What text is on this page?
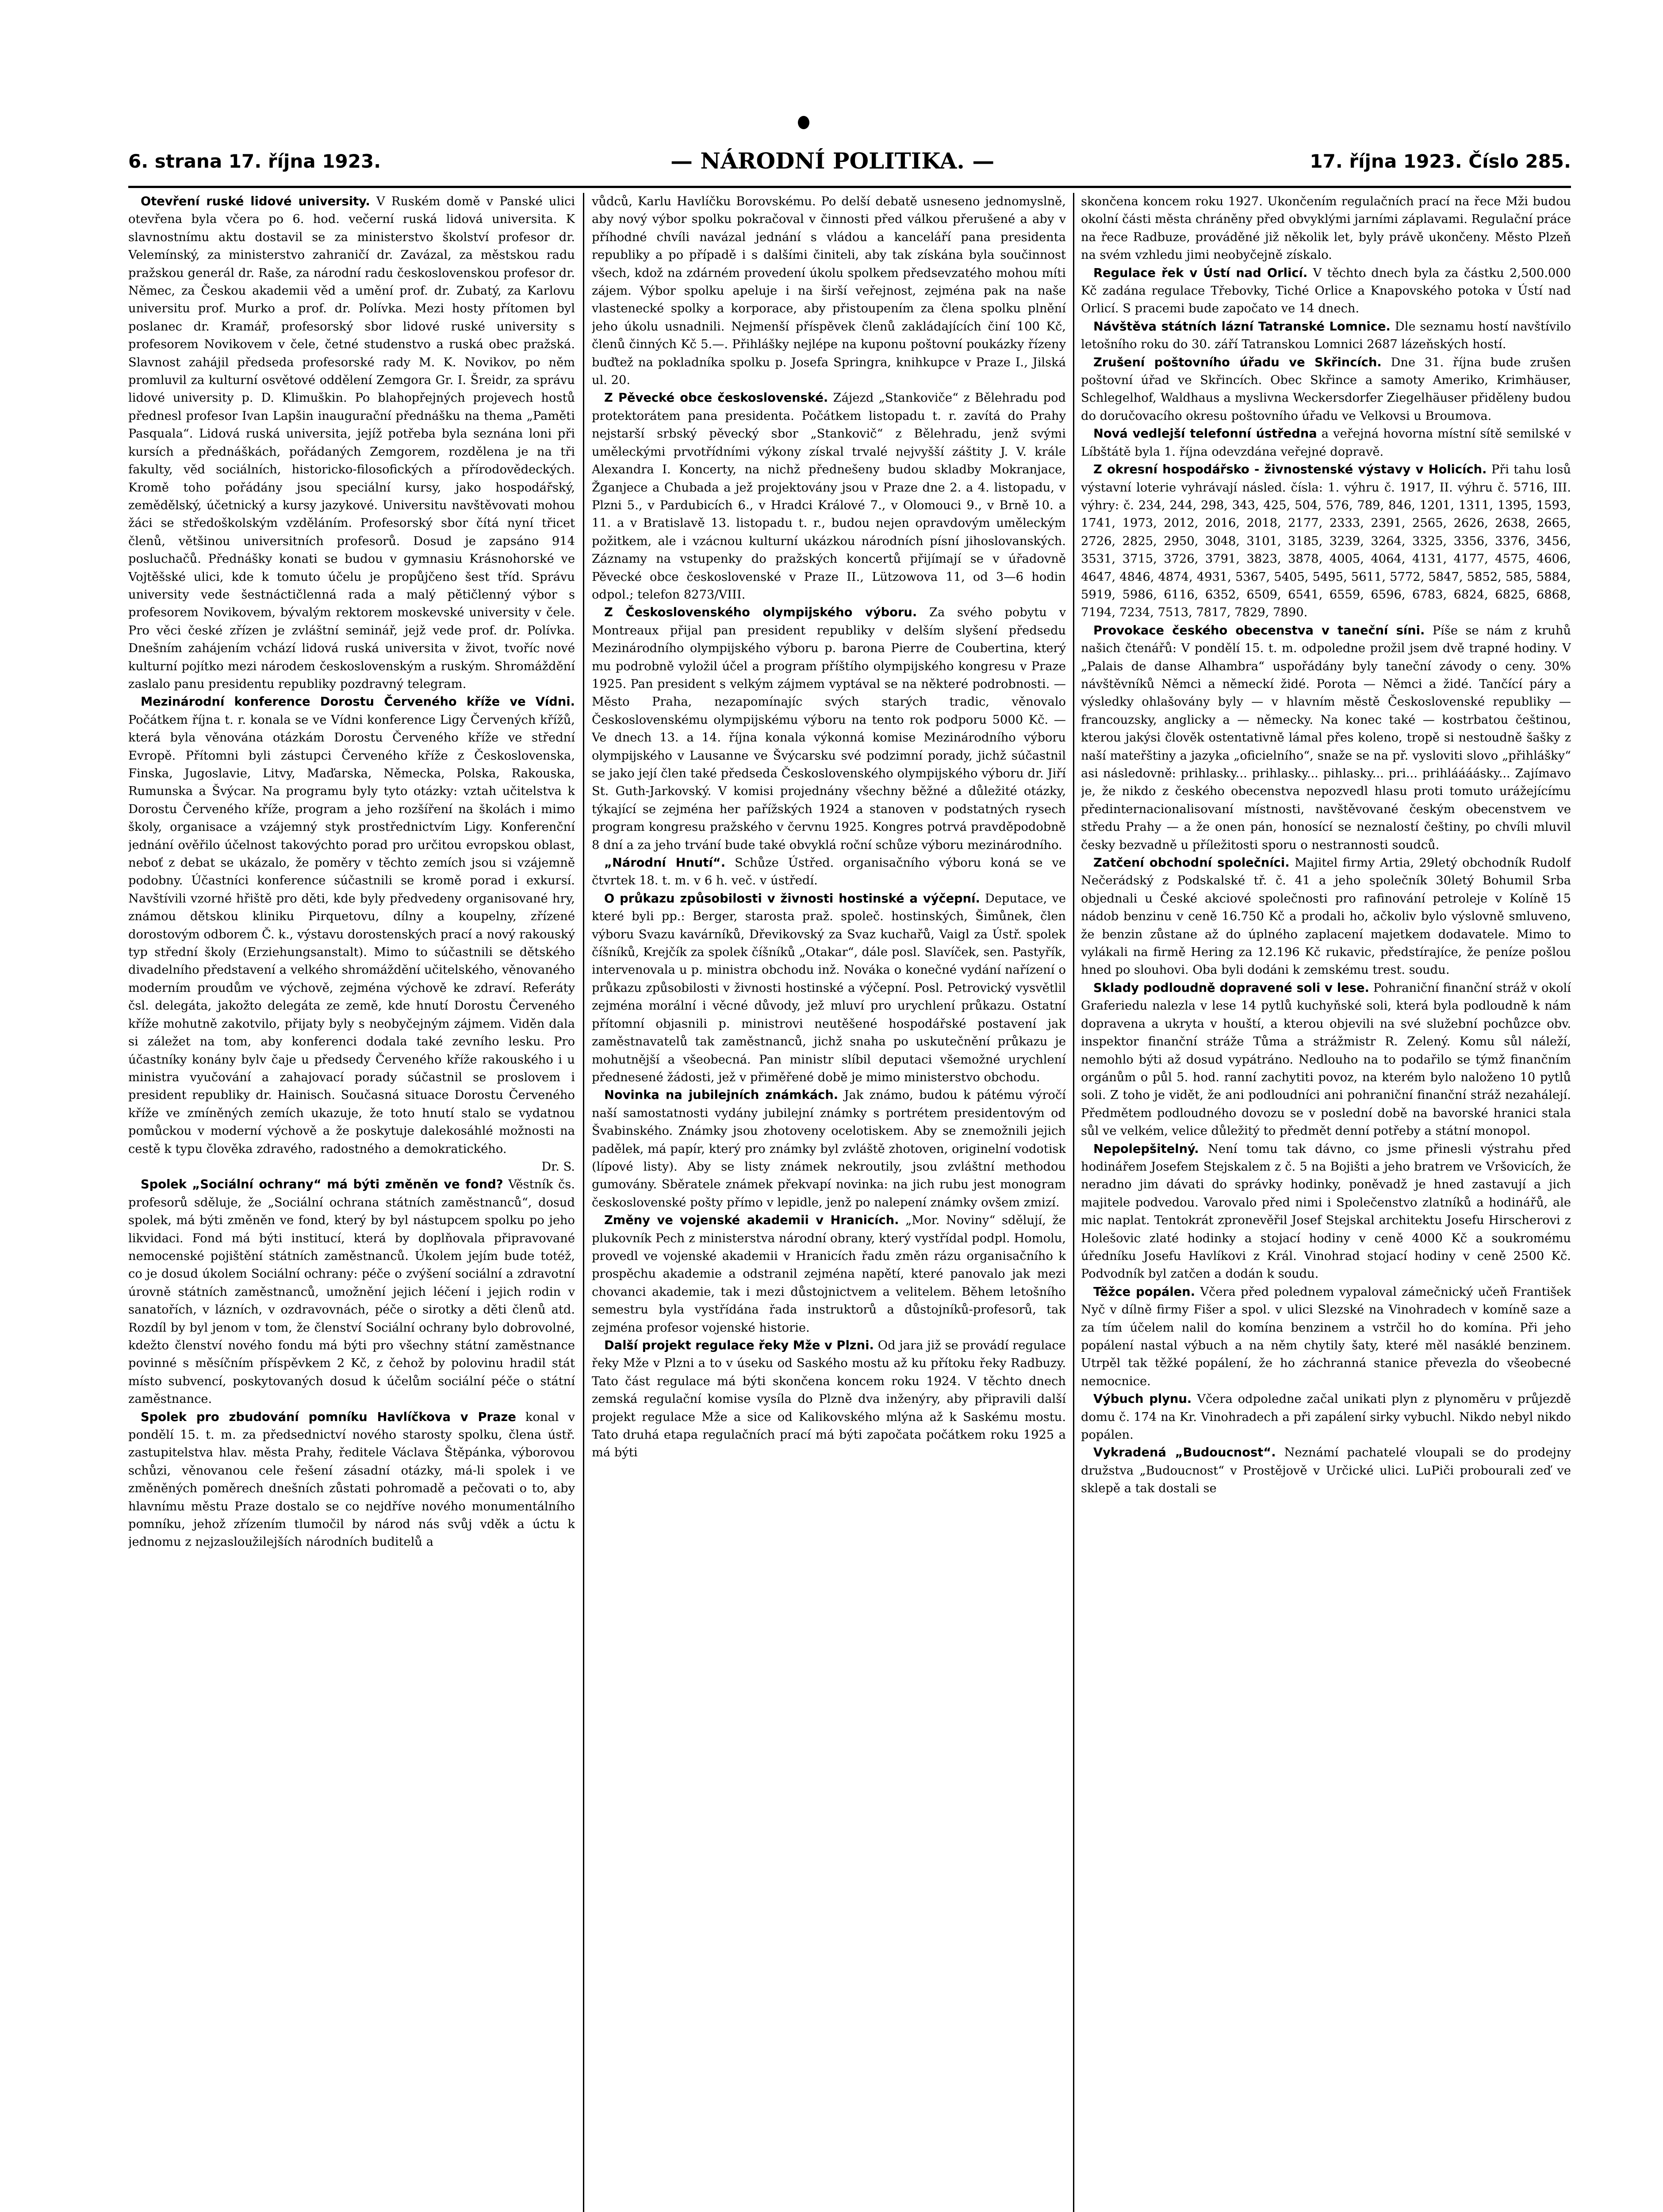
6. strana 17. října 1923.	— NÁRODNÍ POLITIKA. —	17. října 1923. Číslo 285.

Otevření ruské lidové university. V Ruském domě v Panské ulici otevřena byla včera po 6. hod. večerní ruská lidová universita. K slavnostnímu aktu dostavil se za ministerstvo školství profesor dr. Velemínský, za ministerstvo zahraničí dr. Zavázal, za městskou radu pražskou generál dr. Raše, za národní radu československou profesor dr. Němec, za Českou akademii věd a umění prof. dr. Zubatý, za Karlovu universitu prof. Murko a prof. dr. Polívka. Mezi hosty přítomen byl poslanec dr. Kramář, profesorský sbor lidové ruské university s profesorem Novikovem v čele, četné studenstvo a ruská obec pražská. Slavnost zahájil předseda profesorské rady M. K. Novikov, po něm promluvil za kulturní osvětové oddělení Zemgora Gr. I. Šreidr, za správu lidové university p. D. Klimuškin. Po blahopřejných projevech hostů přednesl profesor Ivan Lapšin inaugurační přednášku na thema „Paměti Pasquala“. Lidová ruská universita, jejíž potřeba byla seznána loni při kursích a přednáškách, pořádaných Zemgorem, rozdělena je na tři fakulty, věd sociálních, historicko-filosofických a přírodovědeckých. Kromě toho pořádány jsou speciální kursy, jako hospodářský, zemědělský, účetnický a kursy jazykové. Universitu navštěvovati mohou žáci se středoškolským vzděláním. Profesorský sbor čítá nyní třicet členů, většinou universitních profesorů. Dosud je zapsáno 914 posluchačů. Přednášky konati se budou v gymnasiu Krásnohorské ve Vojtěšské ulici, kde k tomuto účelu je propůjčeno šest tříd. Správu university vede šestnáctičlenná rada a malý pětičlenný výbor s profesorem Novikovem, bývalým rektorem moskevské university v čele. Pro věci české zřízen je zvláštní seminář, jejž vede prof. dr. Polívka. Dnešním zahájením vchází lidová ruská universita v život, tvoříc nové kulturní pojítko mezi národem československým a ruským. Shromáždění zaslalo panu presidentu republiky pozdravný telegram.

Mezinárodní konference Dorostu Červeného kříže ve Vídni. Počátkem října t. r. konala se ve Vídni konference Ligy Červených křížů, která byla věnována otázkám Dorostu Červeného kříže ve střední Evropě. Přítomni byli zástupci Červeného kříže z Československa, Finska, Jugoslavie, Litvy, Maďarska, Německa, Polska, Rakouska, Rumunska a Švýcar. Na programu byly tyto otázky: vztah učitelstva k Dorostu Červeného kříže, program a jeho rozšíření na školách i mimo školy, organisace a vzájemný styk prostřednictvím Ligy. Konferenční jednání ověřilo účelnost takovýchto porad pro určitou evropskou oblast, neboť z debat se ukázalo, že poměry v těchto zemích jsou si vzájemně podobny. Účastníci konference súčastnili se kromě porad i exkursí. Navštívili vzorné hřiště pro děti, kde byly předvedeny organisované hry, známou dětskou kliniku Pirquetovu, dílny a koupelny, zřízené dorostovým odborem Č. k., výstavu dorostenských prací a nový rakouský typ střední školy (Erziehungsanstalt). Mimo to súčastnili se dětského divadelního představení a velkého shromáždění učitelského, věnovaného moderním proudům ve výchově, zejména výchově ke zdraví. Referáty čsl. delegáta, jakožto delegáta ze země, kde hnutí Dorostu Červeného kříže mohutně zakotvilo, přijaty byly s neobyčejným zájmem. Viděn dala si záležet na tom, aby konferenci dodala také zevního lesku. Pro účastníky konány bylv čaje u předsedy Červeného kříže rakouského i u ministra vyučování a zahajovací porady súčastnil se proslovem i president republiky dr. Hainisch. Současná situace Dorostu Červeného kříže ve zmíněných zemích ukazuje, že toto hnutí stalo se vydatnou pomůckou v moderní výchově a že poskytuje dalekosáhlé možnosti na cestě k typu člověka zdravého, radostného a demokratického.

Dr. S.

Spolek „Sociální ochrany“ má býti změněn ve fond? Věstník čs. profesorů sděluje, že „Sociální ochrana státních zaměstnanců“, dosud spolek, má býti změněn ve fond, který by byl nástupcem spolku po jeho likvidaci. Fond má býti institucí, která by doplňovala připravované nemocenské pojištění státních zaměstnanců. Úkolem jejím bude totéž, co je dosud úkolem Sociální ochrany: péče o zvýšení sociální a zdravotní úrovně státních zaměstnanců, umožnění jejich léčení i jejich rodin v sanatořích, v lázních, v ozdravovnách, péče o sirotky a děti členů atd. Rozdíl by byl jenom v tom, že členství Sociální ochrany bylo dobrovolné, kdežto členství nového fondu má býti pro všechny státní zaměstnance povinné s měsíčním příspěvkem 2 Kč, z čehož by polovinu hradil stát místo subvencí, poskytovaných dosud k účelům sociální péče o státní zaměstnance.

Spolek pro zbudování pomníku Havlíčkova v Praze konal v pondělí 15. t. m. za předsednictví nového starosty spolku, člena ústř. zastupitelstva hlav. města Prahy, ředitele Václava Štěpánka, výborovou schůzi, věnovanou cele řešení zásadní otázky, má-li spolek i ve změněných poměrech dnešních zůstati pohromadě a pečovati o to, aby hlavnímu městu Praze dostalo se co nejdříve nového monumentálního pomníku, jehož zřízením tlumočil by národ nás svůj vděk a úctu k jednomu z nejzasloužilejších národních buditelů a

vůdců, Karlu Havlíčku Borovskému. Po delší debatě usneseno jednomyslně, aby nový výbor spolku pokračoval v činnosti před válkou přerušené a aby v příhodné chvíli navázal jednání s vládou a kanceláří pana presidenta republiky a po případě i s dalšími činiteli, aby tak získána byla součinnost všech, kdož na zdárném provedení úkolu spolkem předsevzatého mohou míti zájem. Výbor spolku apeluje i na širší veřejnost, zejména pak na naše vlastenecké spolky a korporace, aby přistoupením za člena spolku plnění jeho úkolu usnadnili. Nejmenší příspěvek členů zakládajících činí 100 Kč, členů činných Kč 5.—. Přihlášky nejlépe na kuponu poštovní poukázky řízeny buďtež na pokladníka spolku p. Josefa Springra, knihkupce v Praze I., Jilská ul. 20.

Z Pěvecké obce československé. Zájezd „Stankoviče“ z Bělehradu pod protektorátem pana presidenta. Počátkem listopadu t. r. zavítá do Prahy nejstarší srbský pěvecký sbor „Stankovič“ z Bělehradu, jenž svými uměleckými prvotřídními výkony získal trvalé nejvyšší záštity J. V. krále Alexandra I. Koncerty, na nichž přednešeny budou skladby Mokranjace, Žganjece a Chubada a jež projektovány jsou v Praze dne 2. a 4. listopadu, v Plzni 5., v Pardubicích 6., v Hradci Králové 7., v Olomouci 9., v Brně 10. a 11. a v Bratislavě 13. listopadu t. r., budou nejen opravdovým uměleckým požitkem, ale i vzácnou kulturní ukázkou národních písní jihoslovanských. Záznamy na vstupenky do pražských koncertů přijímají se v úřadovně Pěvecké obce československé v Praze II., Lützowova 11, od 3—6 hodin odpol.; telefon 8273/VIII.

Z Československého olympijského výboru. Za svého pobytu v Montreaux přijal pan president republiky v delším slyšení předsedu Mezinárodního olympijského výboru p. barona Pierre de Coubertina, který mu podrobně vyložil účel a program příštího olympijského kongresu v Praze 1925. Pan president s velkým zájmem vyptával se na některé podrobnosti. — Město Praha, nezapomínajíc svých starých tradic, věnovalo Československému olympijskému výboru na tento rok podporu 5000 Kč. — Ve dnech 13. a 14. října konala výkonná komise Mezinárodního výboru olympijského v Lausanne ve Švýcarsku své podzimní porady, jichž súčastnil se jako její člen také předseda Československého olympijského výboru dr. Jiří St. Guth-Jarkovský. V komisi projednány všechny běžné a důležité otázky, týkající se zejména her pařížských 1924 a stanoven v podstatných rysech program kongresu pražského v červnu 1925. Kongres potrvá pravděpodobně 8 dní a za jeho trvání bude také obvyklá roční schůze výboru mezinárodního.

„Národní Hnutí“. Schůze Ústřed. organisačního výboru koná se ve čtvrtek 18. t. m. v 6 h. več. v ústředí.

O průkazu způsobilosti v živnosti hostinské a výčepní. Deputace, ve které byli pp.: Berger, starosta praž. společ. hostinských, Šimůnek, člen výboru Svazu kavárníků, Dřevikovský za Svaz kuchařů, Vaigl za Ústř. spolek číšníků, Krejčík za spolek číšníků „Otakar“, dále posl. Slavíček, sen. Pastyřík, intervenovala u p. ministra obchodu inž. Nováka o konečné vydání nařízení o průkazu způsobilosti v živnosti hostinské a výčepní. Posl. Petrovický vysvětlil zejména morální i věcné důvody, jež mluví pro urychlení průkazu. Ostatní přítomní objasnili p. ministrovi neutěšené hospodářské postavení jak zaměstnavatelů tak zaměstnanců, jichž snaha po uskutečnění průkazu je mohutnější a všeobecná. Pan ministr slíbil deputaci všemožné urychlení přednesené žádosti, jež v přiměřené době je mimo ministerstvo obchodu.

Novinka na jubilejních známkách. Jak známo, budou k pátému výročí naší samostatnosti vydány jubilejní známky s portrétem presidentovým od Švabinského. Známky jsou zhotoveny ocelotiskem. Aby se znemožnili jejich padělek, má papír, který pro známky byl zvláště zhotoven, originelní vodotisk (lípové listy). Aby se listy známek nekroutily, jsou zvláštní methodou gumovány. Sběratele známek překvapí novinka: na jich rubu jest monogram československé pošty přímo v lepidle, jenž po nalepení známky ovšem zmizí.

Změny ve vojenské akademii v Hranicích. „Mor. Noviny“ sdělují, že plukovník Pech z ministerstva národní obrany, který vystřídal podpl. Homolu, provedl ve vojenské akademii v Hranicích řadu změn rázu organisačního k prospěchu akademie a odstranil zejména napětí, které panovalo jak mezi chovanci akademie, tak i mezi důstojnictvem a velitelem. Během letošního semestru byla vystřídána řada instruktorů a důstojníků-profesorů, tak zejména profesor vojenské historie.

Další projekt regulace řeky Mže v Plzni. Od jara již se provádí regulace řeky Mže v Plzni a to v úseku od Saského mostu až ku přítoku řeky Radbuzy. Tato část regulace má býti skončena koncem roku 1924. V těchto dnech zemská regulační komise vysíla do Plzně dva inženýry, aby připravili další projekt regulace Mže a sice od Kalikovského mlýna až k Saskému mostu. Tato druhá etapa regulačních prací má býti započata počátkem roku 1925 a má býti

skončena koncem roku 1927. Ukončením regulačních prací na řece Mži budou okolní části města chráněny před obvyklými jarními záplavami. Regulační práce na řece Radbuze, prováděné již několik let, byly právě ukončeny. Město Plzeň na svém vzhledu jimi neobyčejně získalo.

Regulace řek v Ústí nad Orlicí. V těchto dnech byla za částku 2,500.000 Kč zadána regulace Třebovky, Tiché Orlice a Knapovského potoka v Ústí nad Orlicí. S pracemi bude započato ve 14 dnech.

Návštěva státních lázní Tatranské Lomnice. Dle seznamu hostí navštívilo letošního roku do 30. září Tatranskou Lomnici 2687 lázeňských hostí.

Zrušení poštovního úřadu ve Skřincích. Dne 31. října bude zrušen poštovní úřad ve Skřincích. Obec Skřince a samoty Ameriko, Krimhäuser, Schlegelhof, Waldhaus a myslivna Weckersdorfer Ziegelhäuser přiděleny budou do doručovacího okresu poštovního úřadu ve Velkovsi u Broumova.

Nová vedlejší telefonní ústředna a veřejná hovorna místní sítě semilské v Líbštátě byla 1. října odevzdána veřejné dopravě.

Z okresní hospodářsko - živnostenské výstavy v Holicích. Při tahu losů výstavní loterie vyhrávají násled. čísla: 1. výhru č. 1917, II. výhru č. 5716, III. výhry: č. 234, 244, 298, 343, 425, 504, 576, 789, 846, 1201, 1311, 1395, 1593, 1741, 1973, 2012, 2016, 2018, 2177, 2333, 2391, 2565, 2626, 2638, 2665, 2726, 2825, 2950, 3048, 3101, 3185, 3239, 3264, 3325, 3356, 3376, 3456, 3531, 3715, 3726, 3791, 3823, 3878, 4005, 4064, 4131, 4177, 4575, 4606, 4647, 4846, 4874, 4931, 5367, 5405, 5495, 5611, 5772, 5847, 5852, 585, 5884, 5919, 5986, 6116, 6352, 6509, 6541, 6559, 6596, 6783, 6824, 6825, 6868, 7194, 7234, 7513, 7817, 7829, 7890.

Provokace českého obecenstva v taneční síni. Píše se nám z kruhů našich čtenářů: V pondělí 15. t. m. odpoledne prožil jsem dvě trapné hodiny. V „Palais de danse Alhambra“ uspořádány byly taneční závody o ceny. 30% návštěvníků Němci a německí židé. Porota — Němci a židé. Tančící páry a výsledky ohlašovány byly — v hlavním městě Československé republiky — francouzsky, anglicky a — německy. Na konec také — kostrbatou češtinou, kterou jakýsi člověk ostentativně lámal přes koleno, tropě si nestoudně šašky z naší mateřštiny a jazyka „oficielního“, snaže se na př. vysloviti slovo „přihlášky“ asi následovně: prihlasky... prihlasky... pihlasky... pri... prihláááásky... Zajímavo je, že nikdo z českého obecenstva nepozvedl hlasu proti tomuto urážejícímu předinternacionalisovaní místnosti, navštěvované českým obecenstvem ve středu Prahy — a že onen pán, honosící se neznalostí češtiny, po chvíli mluvil česky bezvadně u příležitosti sporu o nestrannosti soudců.

Zatčení obchodní společníci. Majitel firmy Artia, 29letý obchodník Rudolf Nečerádský z Podskalské tř. č. 41 a jeho společník 30letý Bohumil Srba objednali u České akciové společnosti pro rafinování petroleje v Kolíně 15 nádob benzinu v ceně 16.750 Kč a prodali ho, ačkoliv bylo výslovně smluveno, že benzin zůstane až do úplného zaplacení majetkem dodavatele. Mimo to vylákali na firmě Hering za 12.196 Kč rukavic, předstírajíce, že peníze pošlou hned po slouhovi. Oba byli dodáni k zemskému trest. soudu.

Sklady podloudně dopravené soli v lese. Pohraniční finanční stráž v okolí Graferiedu nalezla v lese 14 pytlů kuchyňské soli, která byla podloudně k nám dopravena a ukryta v houští, a kterou objevili na své služební pochůzce obv. inspektor finanční stráže Tůma a strážmistr R. Zelený. Komu sůl náleží, nemohlo býti až dosud vypátráno. Nedlouho na to podařilo se týmž finančním orgánům o půl 5. hod. ranní zachytiti povoz, na kterém bylo naloženo 10 pytlů soli. Z toho je vidět, že ani podloudníci ani pohraniční finanční stráž nezahálejí. Předmětem podloudného dovozu se v poslední době na bavorské hranici stala sůl ve velkém, velice důležitý to předmět denní potřeby a státní monopol.

Nepolepšitelný. Není tomu tak dávno, co jsme přinesli výstrahu před hodinářem Josefem Stejskalem z č. 5 na Bojišti a jeho bratrem ve Vršovicích, že neradno jim dávati do správky hodinky, poněvadž je hned zastavují a jich majitele podvedou. Varovalo před nimi i Společenstvo zlatníků a hodinářů, ale mic naplat. Tentokrát zpronevěřil Josef Stejskal architektu Josefu Hirscherovi z Holešovic zlaté hodinky a stojací hodiny v ceně 4000 Kč a soukromému úředníku Josefu Havlíkovi z Král. Vinohrad stojací hodiny v ceně 2500 Kč. Podvodník byl zatčen a dodán k soudu.

Těžce popálen. Včera před polednem vypaloval zámečnický učeň František Nyč v dílně firmy Fišer a spol. v ulici Slezské na Vinohradech v komíně saze a za tím účelem nalil do komína benzinem a vstrčil ho do komína. Při jeho popálení nastal výbuch a na něm chytily šaty, které měl nasáklé benzinem. Utrpěl tak těžké popálení, že ho záchranná stanice převezla do všeobecné nemocnice.

Výbuch plynu. Včera odpoledne začal unikati plyn z plynoměru v průjezdě domu č. 174 na Kr. Vinohradech a při zapálení sirky vybuchl. Nikdo nebyl nikdo popálen.

Vykradená „Budoucnost“. Neznámí pachatelé vloupali se do prodejny družstva „Budoucnost“ v Prostějově v Určické ulici. LuPiči probourali zeď ve sklepě a tak dostali se
